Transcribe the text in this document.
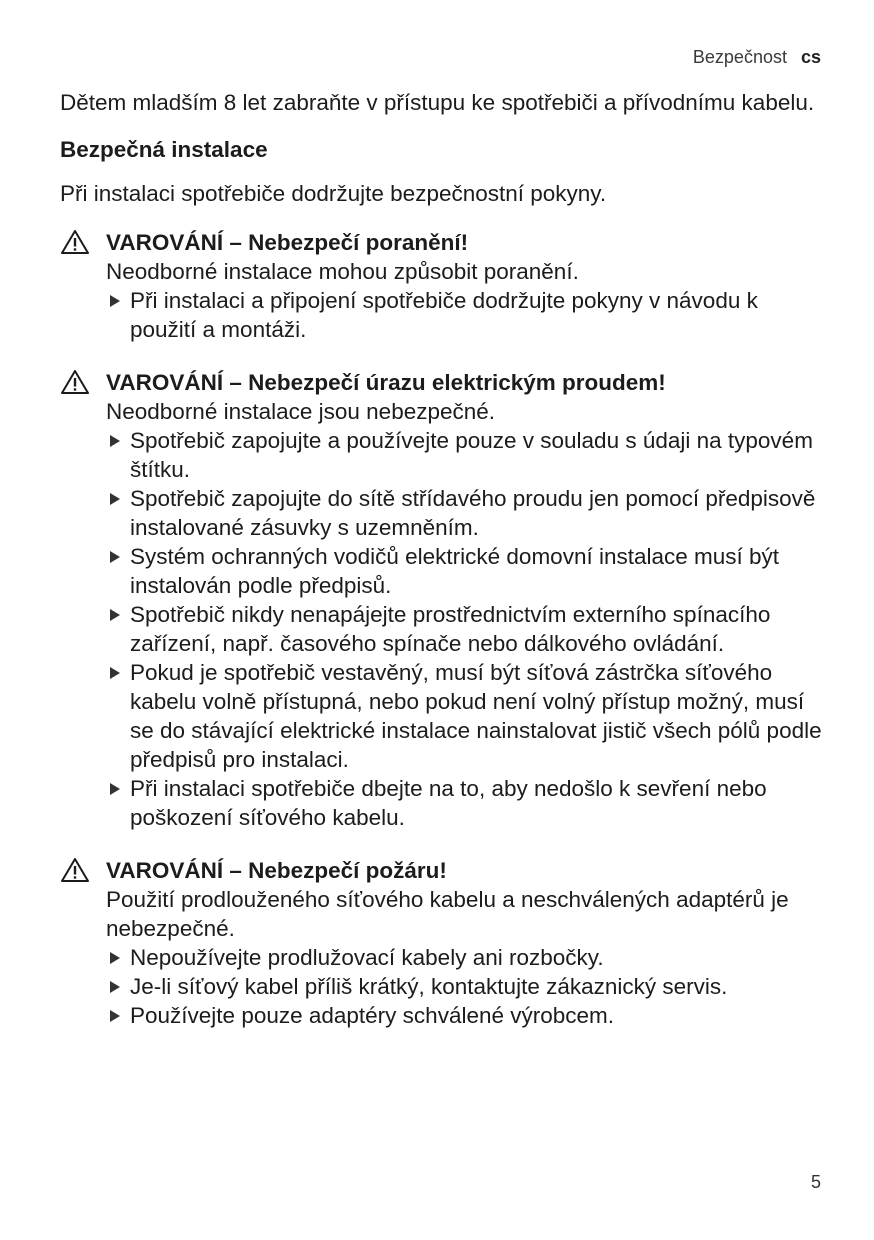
Bezpečnost cs

Dětem mladším 8 let zabraňte v přístupu ke spotřebiči a přívodnímu kabelu.

Bezpečná instalace
Při instalaci spotřebiče dodržujte bezpečnostní pokyny.
VAROVÁNÍ – Nebezpečí poranění!
Neodborné instalace mohou způsobit poranění.
Při instalaci a připojení spotřebiče dodržujte pokyny v návodu k použití a montáži.
VAROVÁNÍ – Nebezpečí úrazu elektrickým proudem!
Neodborné instalace jsou nebezpečné.
Spotřebič zapojujte a používejte pouze v souladu s údaji na typovém štítku.
Spotřebič zapojujte do sítě střídavého proudu jen pomocí předpisově instalované zásuvky s uzemněním.
Systém ochranných vodičů elektrické domovní instalace musí být instalován podle předpisů.
Spotřebič nikdy nenapájejte prostřednictvím externího spínacího zařízení, např. časového spínače nebo dálkového ovládání.
Pokud je spotřebič vestavěný, musí být síťová zástrčka síťového kabelu volně přístupná, nebo pokud není volný přístup možný, musí se do stávající elektrické instalace nainstalovat jistič všech pólů podle předpisů pro instalaci.
Při instalaci spotřebiče dbejte na to, aby nedošlo k sevření nebo poškození síťového kabelu.
VAROVÁNÍ – Nebezpečí požáru!
Použití prodlouženého síťového kabelu a neschválených adaptérů je nebezpečné.
Nepoužívejte prodlužovací kabely ani rozbočky.
Je-li síťový kabel příliš krátký, kontaktujte zákaznický servis.
Používejte pouze adaptéry schválené výrobcem.
5
